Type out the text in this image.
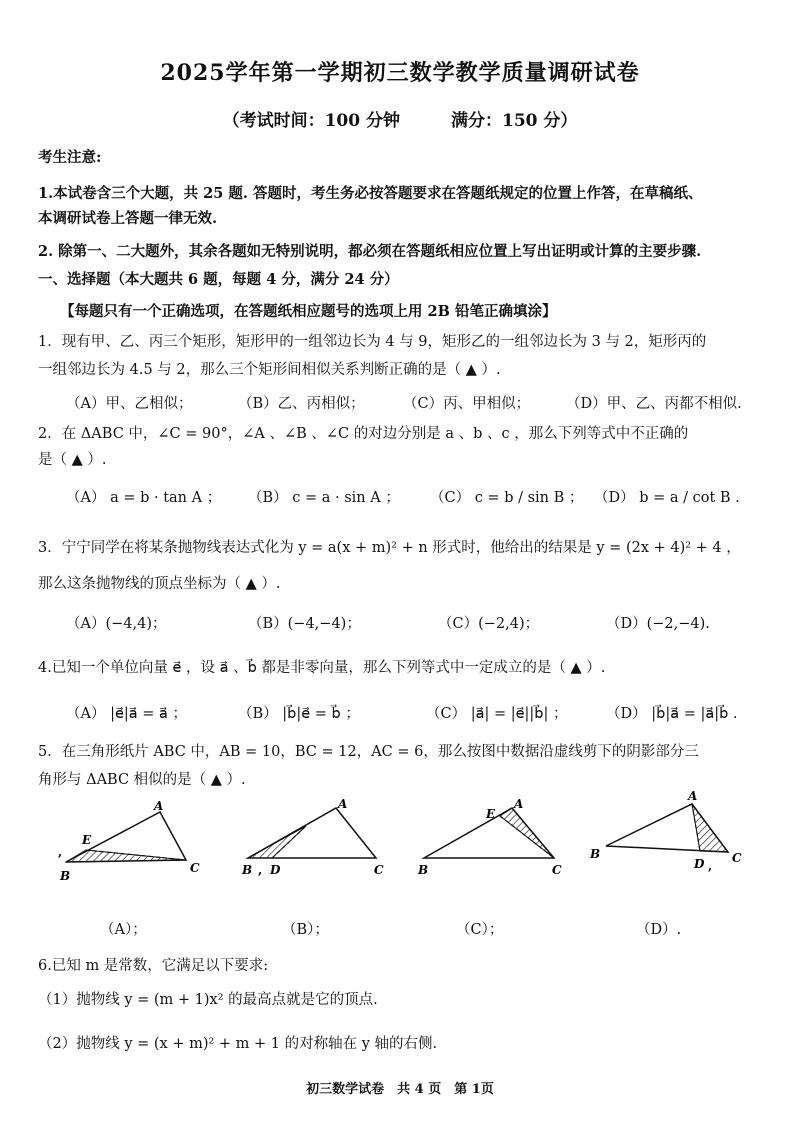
2025学年第一学期初三数学教学质量调研试卷
（考试时间：100 分钟　　　满分：150 分）
考生注意:
1.本试卷含三个大题，共 25 题. 答题时，考生务必按答题要求在答题纸规定的位置上作答，在草稿纸、
本调研试卷上答题一律无效.
2. 除第一、二大题外，其余各题如无特别说明，都必须在答题纸相应位置上写出证明或计算的主要步骤.
一、选择题（本大题共 6 题，每题 4 分，满分 24 分）
【每题只有一个正确选项，在答题纸相应题号的选项上用 2B 铅笔正确填涂】
1．现有甲、乙、丙三个矩形，矩形甲的一组邻边长为 4 与 9，矩形乙的一组邻边长为 3 与 2，矩形丙的
一组邻边长为 4.5 与 2，那么三个矩形间相似关系判断正确的是（ ▲ ）.
（A）甲、乙相似；	（B）乙、丙相似；	（C）丙、甲相似； （D）甲、乙、丙都不相似.
2．在 ΔABC 中，∠C = 90°，∠A 、∠B 、∠C 的对边分别是 a 、b 、c ，那么下列等式中不正确的
是（ ▲ ）.
（A） a = b · tan A ； （B） c = a · sin A ； （C） c = b / sin B ； （D） b = a / cot B .
3．宁宁同学在将某条抛物线表达式化为 y = a(x + m)² + n 形式时，他给出的结果是 y = (2x + 4)² + 4 ，
那么这条抛物线的顶点坐标为（ ▲ ）.
（A）(−4,4)；	（B）(−4,−4)；	（C）(−2,4)；	（D）(−2,−4).
4.已知一个单位向量 e⃗ ，设 a⃗ 、b⃗ 都是非零向量，那么下列等式中一定成立的是（ ▲ ）.
（A） |e⃗|a⃗ = a⃗ ；	（B） |b⃗|e⃗ = b⃗ ；	（C） |a⃗| = |e⃗||b⃗| ；	（D） |b⃗|a⃗ = |a⃗|b⃗ .
5．在三角形纸片 ABC 中，AB = 10，BC = 12，AC = 6，那么按图中数据沿虚线剪下的阴影部分三
角形与 ΔABC 相似的是（ ▲ ）.
A
E
B
C
,
A
B , D	C
A
E
B	C
A
B
D ,
C
（A）；	（B）；	（C）；	（D）.
6.已知 m 是常数，它满足以下要求:
（1）抛物线 y = (m + 1)x² 的最高点就是它的顶点.
（2）抛物线 y = (x + m)² + m + 1 的对称轴在 y 轴的右侧.
初三数学试卷　共 4 页　第 1页
